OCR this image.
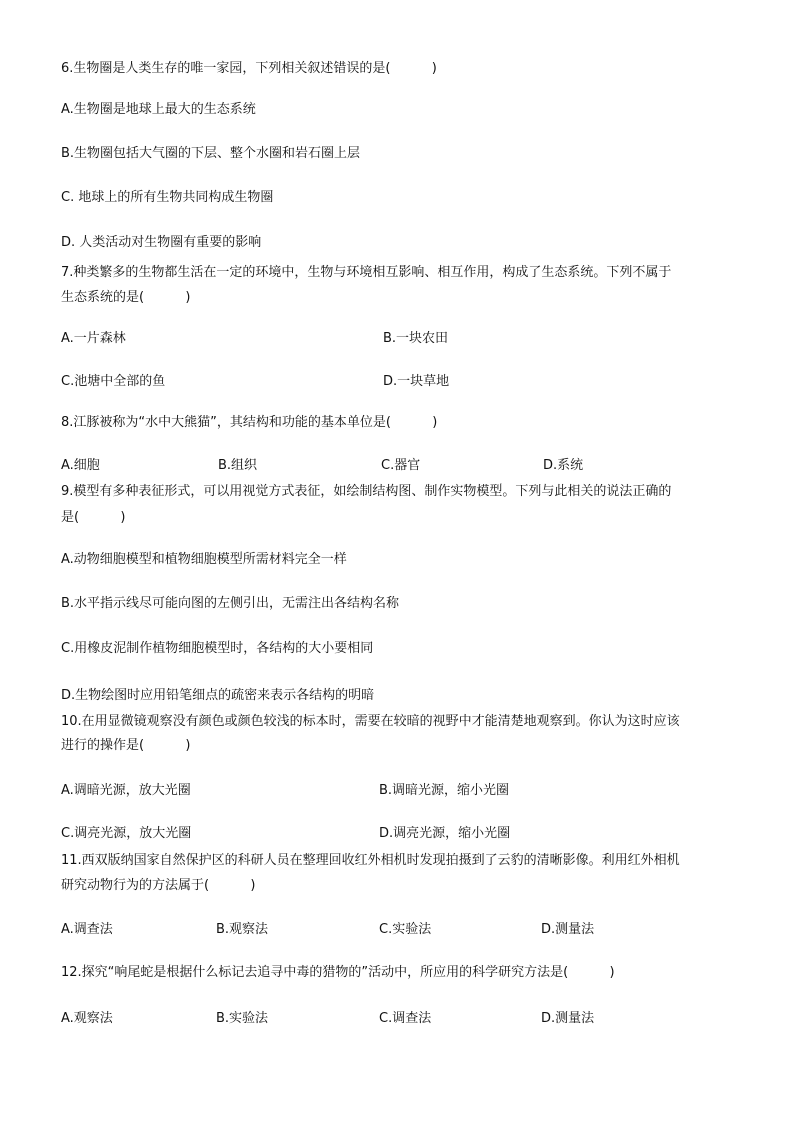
6.生物圈是人类生存的唯一家园，下列相关叙述错误的是(          )
A.生物圈是地球上最大的生态系统
B.生物圈包括大气圈的下层、整个水圈和岩石圈上层
C. 地球上的所有生物共同构成生物圈
D. 人类活动对生物圈有重要的影响
7.种类繁多的生物都生活在一定的环境中，生物与环境相互影响、相互作用，构成了生态系统。下列不属于
生态系统的是(          )
A.一片森林	B.一块农田
C.池塘中全部的鱼	D.一块草地
8.江豚被称为“水中大熊猫”，其结构和功能的基本单位是(          )
A.细胞	B.组织	C.器官	D.系统
9.模型有多种表征形式，可以用视觉方式表征，如绘制结构图、制作实物模型。下列与此相关的说法正确的
是(          )
A.动物细胞模型和植物细胞模型所需材料完全一样
B.水平指示线尽可能向图的左侧引出，无需注出各结构名称
C.用橡皮泥制作植物细胞模型时，各结构的大小要相同
D.生物绘图时应用铅笔细点的疏密来表示各结构的明暗
10.在用显微镜观察没有颜色或颜色较浅的标本时，需要在较暗的视野中才能清楚地观察到。你认为这时应该
进行的操作是(          )
A.调暗光源，放大光圈	B.调暗光源，缩小光圈
C.调亮光源，放大光圈	D.调亮光源，缩小光圈
11.西双版纳国家自然保护区的科研人员在整理回收红外相机时发现拍摄到了云豹的清晰影像。利用红外相机
研究动物行为的方法属于(          )
A.调查法	B.观察法	C.实验法	D.测量法
12.探究“响尾蛇是根据什么标记去追寻中毒的猎物的”活动中，所应用的科学研究方法是(          )
A.观察法	B.实验法	C.调查法	D.测量法
